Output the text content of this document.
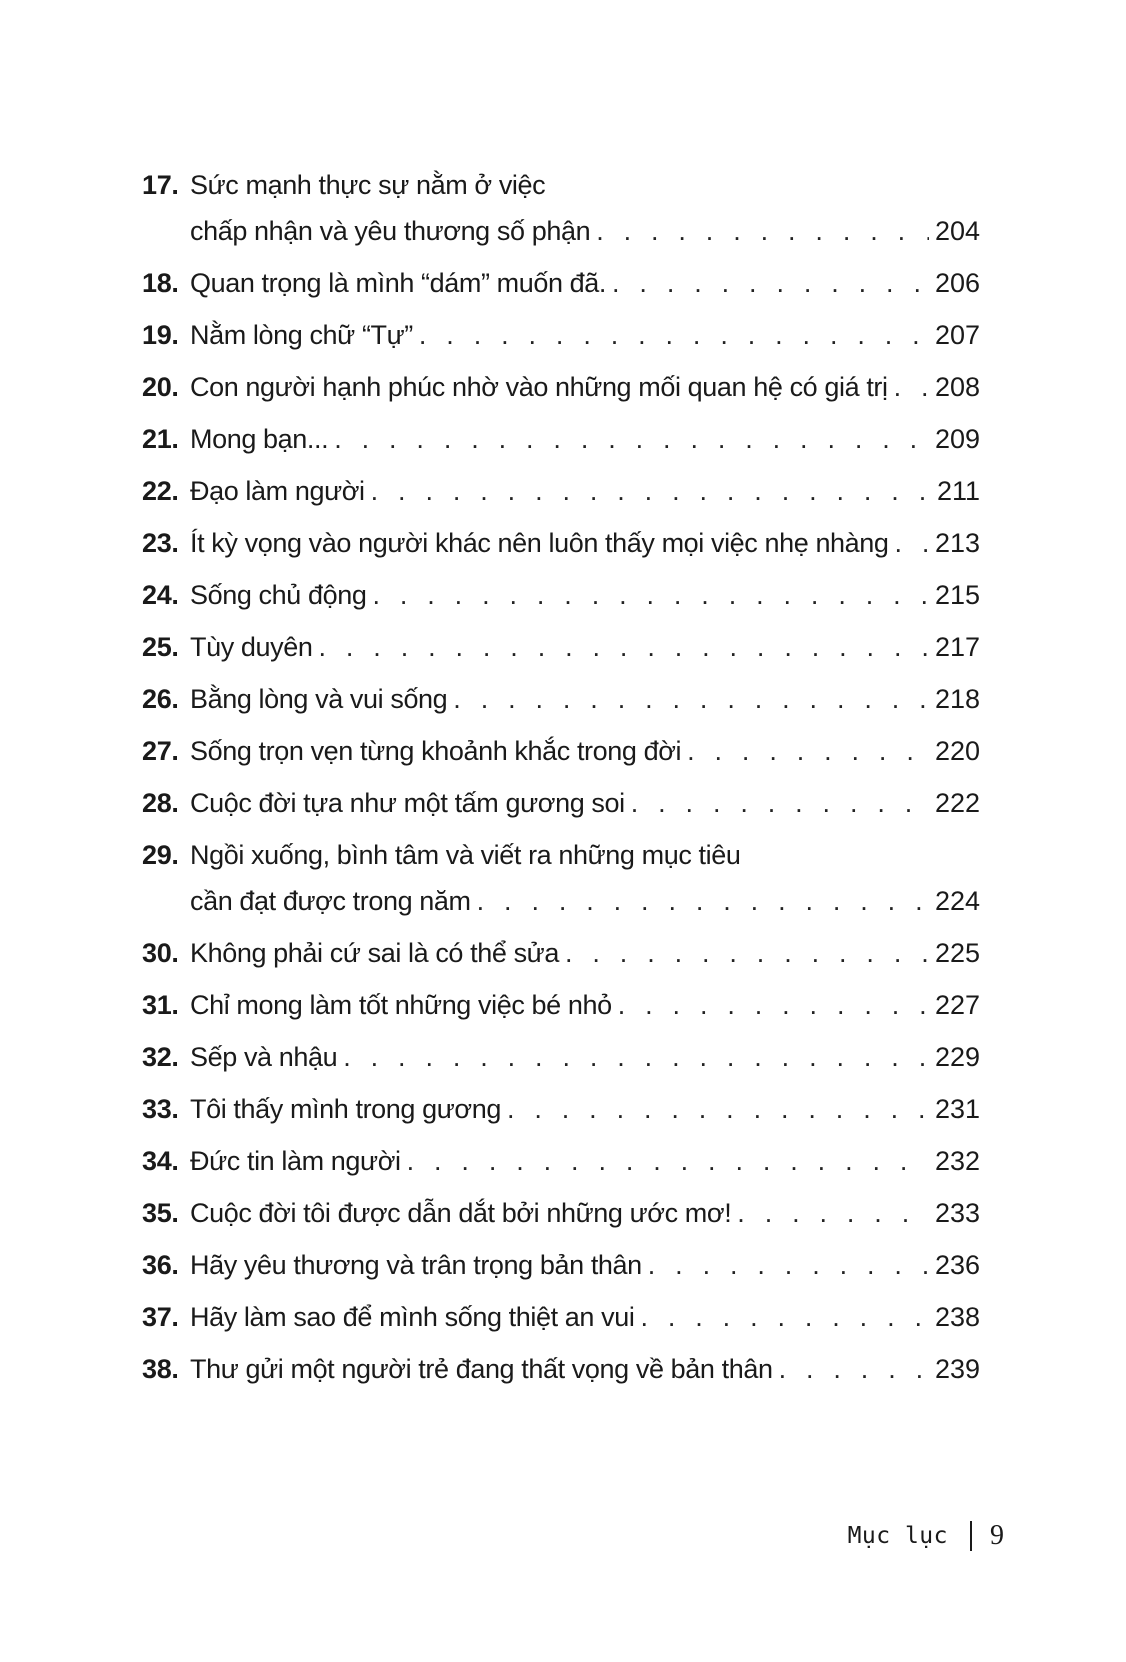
17. Sức mạnh thực sự nằm ở việc
chấp nhận và yêu thương số phận . . .	204
18. Quan trọng là mình “dám” muốn đã. . . .	206
19. Nằm lòng chữ “Tự” . . .	207
20. Con người hạnh phúc nhờ vào những mối quan hệ có giá trị . . . 208
21. Mong bạn... . . .	209
22. Đạo làm người . . .	211
23. Ít kỳ vọng vào người khác nên luôn thấy mọi việc nhẹ nhàng . . . 213
24. Sống chủ động . . .	215
25. Tùy duyên . . .	217
26. Bằng lòng và vui sống . . .	218
27. Sống trọn vẹn từng khoảnh khắc trong đời . . .	220
28. Cuộc đời tựa như một tấm gương soi . . .	222
29. Ngồi xuống, bình tâm và viết ra những mục tiêu
cần đạt được trong năm . . .	224
30. Không phải cứ sai là có thể sửa . . .	225
31. Chỉ mong làm tốt những việc bé nhỏ . . .	227
32. Sếp và nhậu . . .	229
33. Tôi thấy mình trong gương . . .	231
34. Đức tin làm người . . .	232
35. Cuộc đời tôi được dẫn dắt bởi những ước mơ! . . .	233
36. Hãy yêu thương và trân trọng bản thân . . .	236
37. Hãy làm sao để mình sống thiệt an vui . . .	238
38. Thư gửi một người trẻ đang thất vọng về bản thân . . .	239
Mục lục 9
